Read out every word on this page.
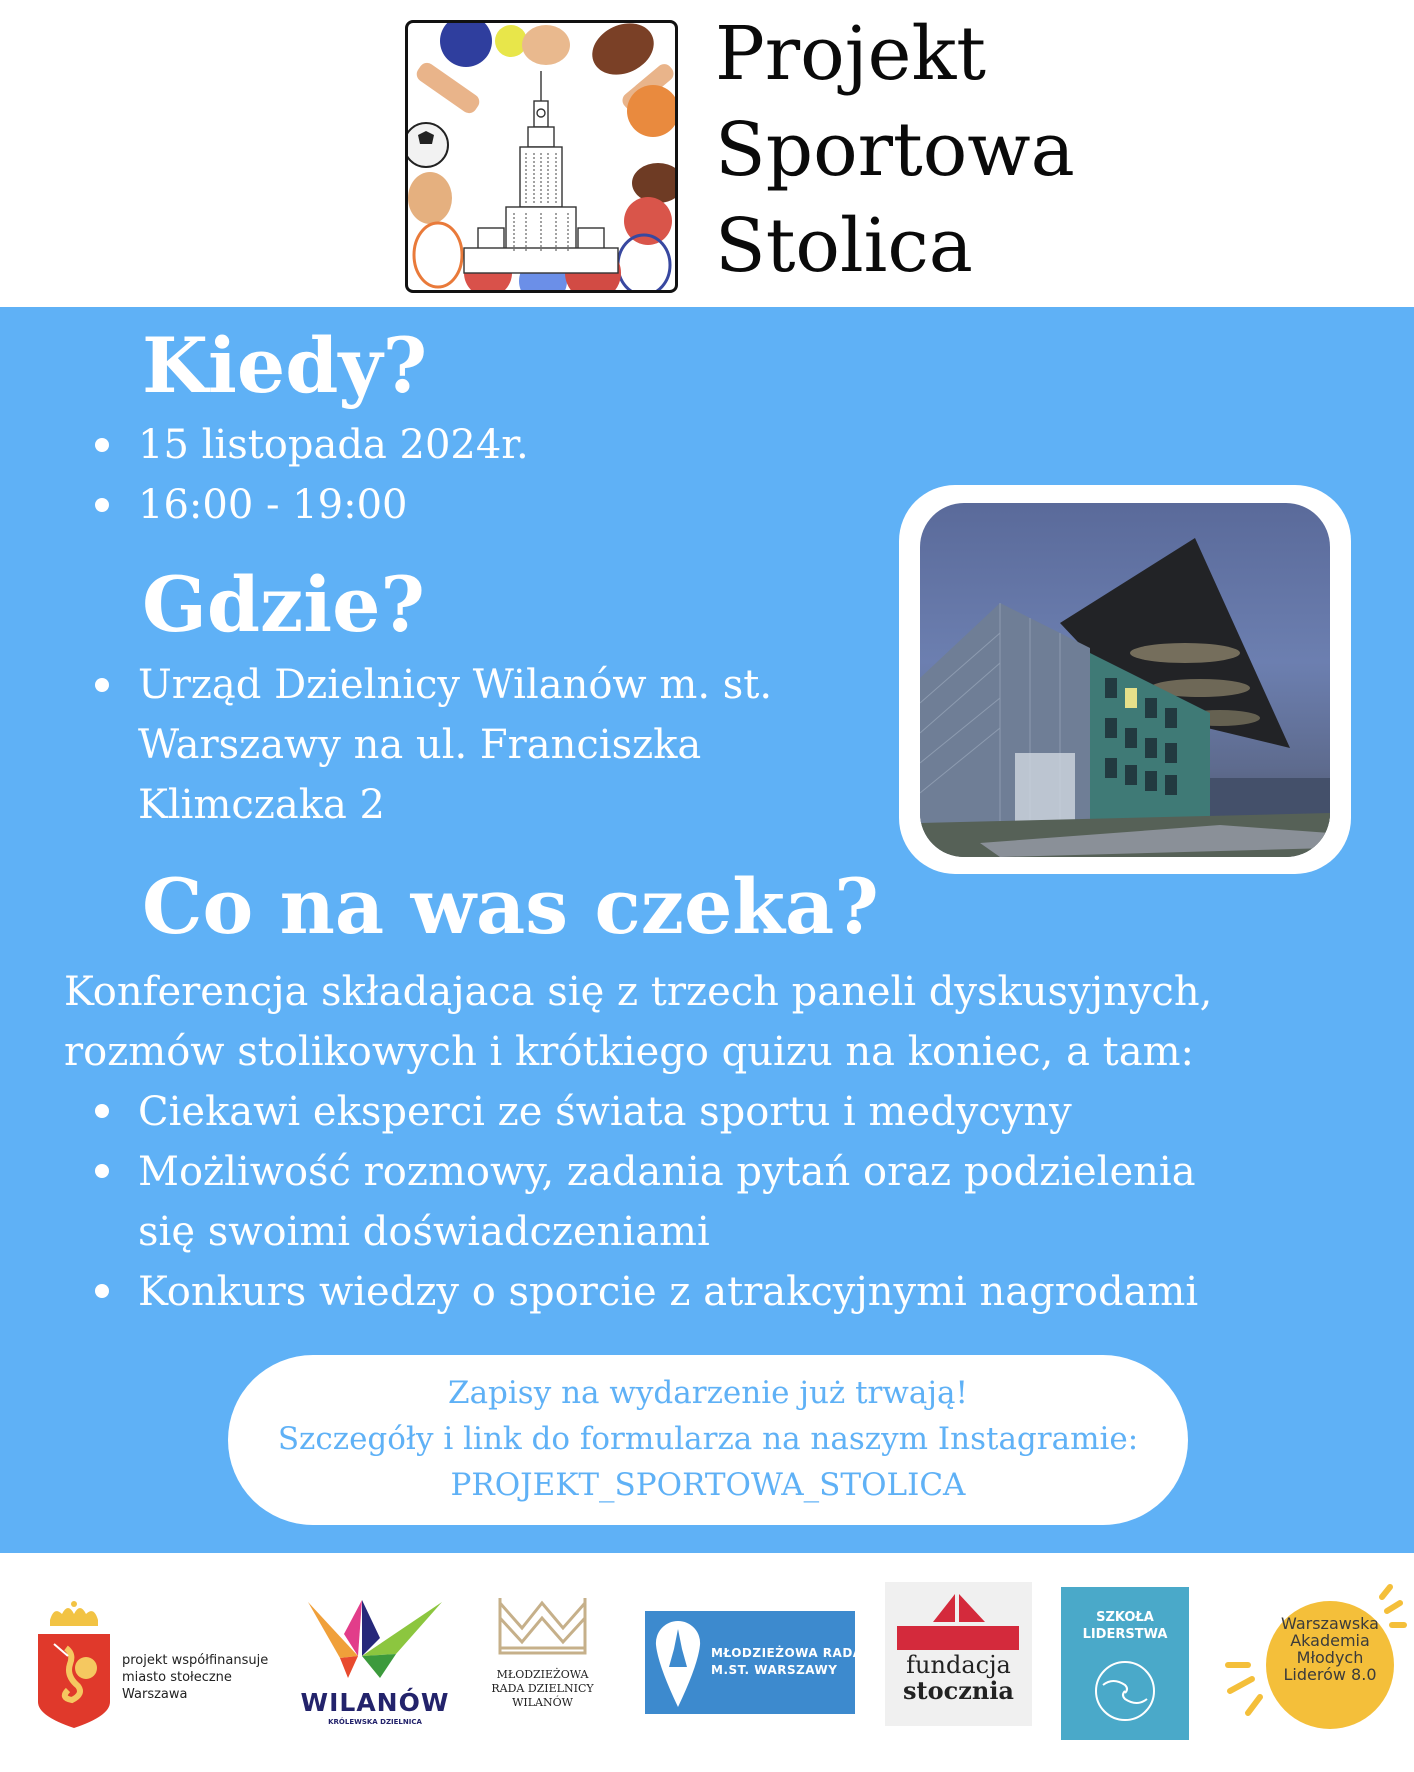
Projekt
Sportowa
Stolica
Kiedy?
15 listopada 2024r.
16:00 - 19:00
Gdzie?
Urząd Dzielnicy Wilanów m. st.
Warszawy na ul. Franciszka
Klimczaka 2
Co na was czeka?
Konferencja składajaca się z trzech paneli dyskusyjnych,
rozmów stolikowych i krótkiego quizu na koniec, a tam:
Ciekawi eksperci ze świata sportu i medycyny
Możliwość rozmowy, zadania pytań oraz podzielenia
się swoimi doświadczeniami
Konkurs wiedzy o sporcie z atrakcyjnymi nagrodami
Zapisy na wydarzenie już trwają!
Szczegóły i link do formularza na naszym Instagramie:
PROJEKT_SPORTOWA_STOLICA
projekt współfinansuje
miasto stołeczne
Warszawa	WILANÓW
KRÓLEWSKA DZIELNICA
MŁODZIEŻOWA
RADA DZIELNICY
WILANÓW
MŁODZIEŻOWA RADA
M.ST. WARSZAWY	fundacja
stocznia
SZKOŁA
LIDERSTWA
Warszawska
Akademia
Młodych
Liderów 8.0
